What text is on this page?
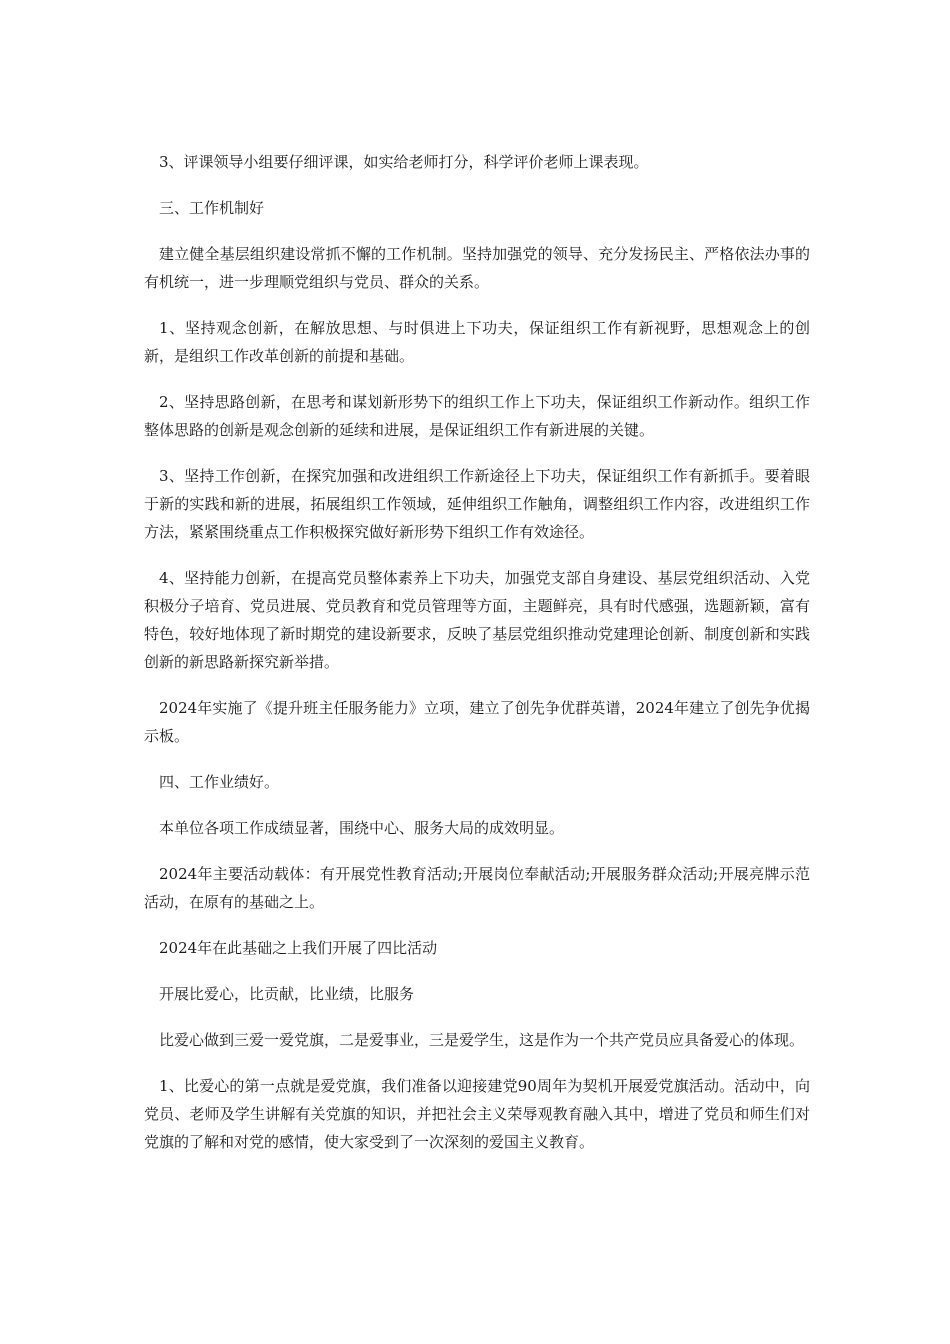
3、评课领导小组要仔细评课，如实给老师打分，科学评价老师上课表现。

三、工作机制好

建立健全基层组织建设常抓不懈的工作机制。坚持加强党的领导、充分发扬民主、严格依法办事的有机统一，进一步理顺党组织与党员、群众的关系。

1、坚持观念创新，在解放思想、与时俱进上下功夫，保证组织工作有新视野，思想观念上的创新，是组织工作改革创新的前提和基础。

2、坚持思路创新，在思考和谋划新形势下的组织工作上下功夫，保证组织工作新动作。组织工作整体思路的创新是观念创新的延续和进展，是保证组织工作有新进展的关键。

3、坚持工作创新，在探究加强和改进组织工作新途径上下功夫，保证组织工作有新抓手。要着眼于新的实践和新的进展，拓展组织工作领域，延伸组织工作触角，调整组织工作内容，改进组织工作方法，紧紧围绕重点工作积极探究做好新形势下组织工作有效途径。

4、坚持能力创新，在提高党员整体素养上下功夫，加强党支部自身建设、基层党组织活动、入党积极分子培育、党员进展、党员教育和党员管理等方面，主题鲜亮，具有时代感强，选题新颖，富有特色，较好地体现了新时期党的建设新要求，反映了基层党组织推动党建理论创新、制度创新和实践创新的新思路新探究新举措。

2024年实施了《提升班主任服务能力》立项，建立了创先争优群英谱，2024年建立了创先争优揭示板。

四、工作业绩好。

本单位各项工作成绩显著，围绕中心、服务大局的成效明显。

2024年主要活动载体：有开展党性教育活动;开展岗位奉献活动;开展服务群众活动;开展亮牌示范活动，在原有的基础之上。

2024年在此基础之上我们开展了四比活动

开展比爱心，比贡献，比业绩，比服务

比爱心做到三爱一爱党旗，二是爱事业，三是爱学生，这是作为一个共产党员应具备爱心的体现。

1、比爱心的第一点就是爱党旗，我们准备以迎接建党90周年为契机开展爱党旗活动。活动中，向党员、老师及学生讲解有关党旗的知识，并把社会主义荣辱观教育融入其中，增进了党员和师生们对党旗的了解和对党的感情，使大家受到了一次深刻的爱国主义教育。
